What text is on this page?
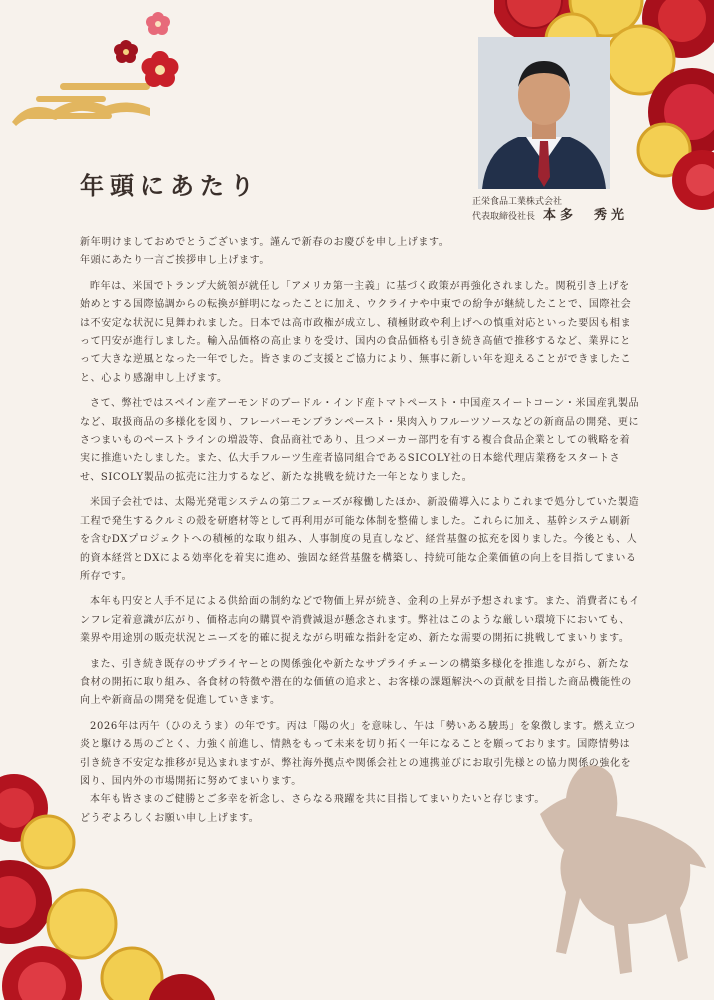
年頭にあたり
正栄食品工業株式会社
代表取締役社長 本多　秀光

新年明けましておめでとうございます。謹んで新春のお慶びを申し上げます。

年頭にあたり一言ご挨拶申し上げます。

昨年は、米国でトランプ大統領が就任し「アメリカ第一主義」に基づく政策が再強化されました。関税引き上げを始めとする国際協調からの転換が鮮明になったことに加え、ウクライナや中東での紛争が継続したことで、国際社会は不安定な状況に見舞われました。日本では高市政権が成立し、積極財政や利上げへの慎重対応といった要因も相まって円安が進行しました。輸入品価格の高止まりを受け、国内の食品価格も引き続き高値で推移するなど、業界にとって大きな逆風となった一年でした。皆さまのご支援とご協力により、無事に新しい年を迎えることができましたこと、心より感謝申し上げます。

さて、弊社ではスペイン産アーモンドのブードル・インド産トマトペースト・中国産スイートコーン・米国産乳製品など、取扱商品の多様化を図り、フレーバーモンブランペースト・果肉入りフルーツソースなどの新商品の開発、更にさつまいものペーストラインの増設等、食品商社であり、且つメーカー部門を有する複合食品企業としての戦略を着実に推進いたしました。また、仏大手フルーツ生産者協同組合であるSICOLY社の日本総代理店業務をスタートさせ、SICOLY製品の拡売に注力するなど、新たな挑戦を続けた一年となりました。

米国子会社では、太陽光発電システムの第二フェーズが稼働したほか、新設備導入によりこれまで処分していた製造工程で発生するクルミの殻を研磨材等として再利用が可能な体制を整備しました。これらに加え、基幹システム刷新を含むDXプロジェクトへの積極的な取り組み、人事制度の見直しなど、経営基盤の拡充を図りました。今後とも、人的資本経営とDXによる効率化を着実に進め、強固な経営基盤を構築し、持続可能な企業価値の向上を目指してまいる所存です。

本年も円安と人手不足による供給面の制約などで物価上昇が続き、金利の上昇が予想されます。また、消費者にもインフレ定着意識が広がり、価格志向の購買や消費減退が懸念されます。弊社はこのような厳しい環境下においても、業界や用途別の販売状況とニーズを的確に捉えながら明確な指針を定め、新たな需要の開拓に挑戦してまいります。

また、引き続き既存のサプライヤーとの関係強化や新たなサプライチェーンの構築多様化を推進しながら、新たな食材の開拓に取り組み、各食材の特徴や潜在的な価値の追求と、お客様の課題解決への貢献を目指した商品機能性の向上や新商品の開発を促進していきます。

2026年は丙午（ひのえうま）の年です。丙は「陽の火」を意味し、午は「勢いある駿馬」を象徴します。燃え立つ炎と駆ける馬のごとく、力強く前進し、情熱をもって未来を切り拓く一年になることを願っております。国際情勢は引き続き不安定な推移が見込まれますが、弊社海外拠点や関係会社との連携並びにお取引先様との協力関係の強化を図り、国内外の市場開拓に努めてまいります。

本年も皆さまのご健勝とご多幸を祈念し、さらなる飛躍を共に目指してまいりたいと存じます。

どうぞよろしくお願い申し上げます。
